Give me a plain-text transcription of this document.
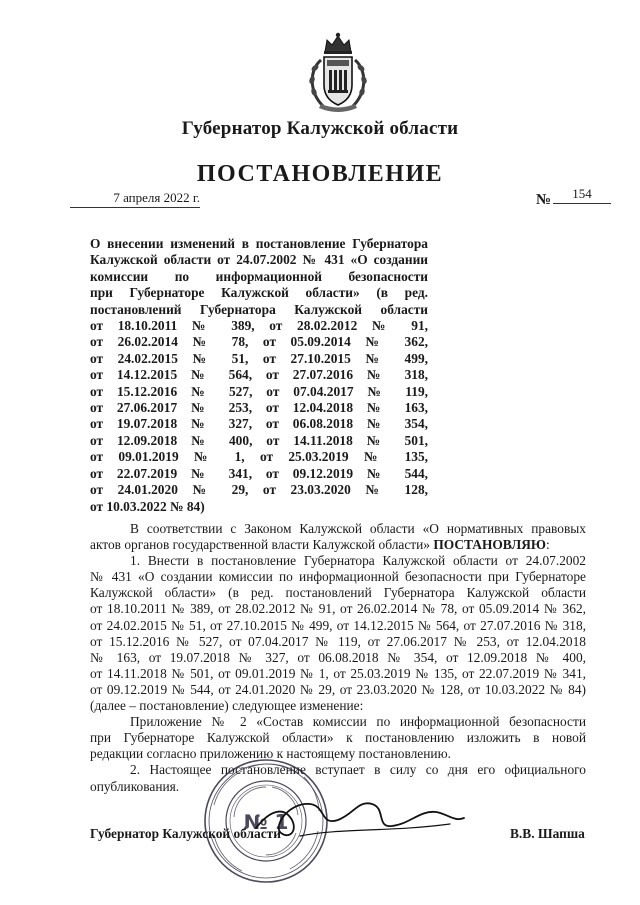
Губернатор Калужской области
ПОСТАНОВЛЕНИЕ
7 апреля 2022 г.	№	154
О внесении изменений в постановление Губернатора
Калужской области от 24.07.2002 № 431 «О создании
комиссии по информационной безопасности
при Губернаторе Калужской области» (в ред.
постановлений Губернатора Калужской области
от 18.10.2011 № 389, от 28.02.2012 № 91,
от 26.02.2014 № 78, от 05.09.2014 № 362,
от 24.02.2015 № 51, от 27.10.2015 № 499,
от 14.12.2015 № 564, от 27.07.2016 № 318,
от 15.12.2016 № 527, от 07.04.2017 № 119,
от 27.06.2017 № 253, от 12.04.2018 № 163,
от 19.07.2018 № 327, от 06.08.2018 № 354,
от 12.09.2018 № 400, от 14.11.2018 № 501,
от 09.01.2019 № 1, от 25.03.2019 № 135,
от 22.07.2019 № 341, от 09.12.2019 № 544,
от 24.01.2020 № 29, от 23.03.2020 № 128,
от 10.03.2022 № 84)
В соответствии с Законом Калужской области «О нормативных правовых
актов органов государственной власти Калужской области» ПОСТАНОВЛЯЮ:
1. Внести в постановление Губернатора Калужской области от 24.07.2002
№ 431 «О создании комиссии по информационной безопасности при Губернаторе
Калужской области» (в ред. постановлений Губернатора Калужской области
от 18.10.2011 № 389, от 28.02.2012 № 91, от 26.02.2014 № 78, от 05.09.2014 № 362,
от 24.02.2015 № 51, от 27.10.2015 № 499, от 14.12.2015 № 564, от 27.07.2016 № 318,
от 15.12.2016 № 527, от 07.04.2017 № 119, от 27.06.2017 № 253, от 12.04.2018
№ 163, от 19.07.2018 № 327, от 06.08.2018 № 354, от 12.09.2018 № 400,
от 14.11.2018 № 501, от 09.01.2019 № 1, от 25.03.2019 № 135, от 22.07.2019 № 341,
от 09.12.2019 № 544, от 24.01.2020 № 29, от 23.03.2020 № 128, от 10.03.2022 № 84)
(далее – постановление) следующее изменение:
Приложение № 2 «Состав комиссии по информационной безопасности
при Губернаторе Калужской области» к постановлению изложить в новой
редакции согласно приложению к настоящему постановлению.
2. Настоящее постановление вступает в силу со дня его официального
опубликования.
№ 1
Губернатор Калужской области	В.В. Шапша
